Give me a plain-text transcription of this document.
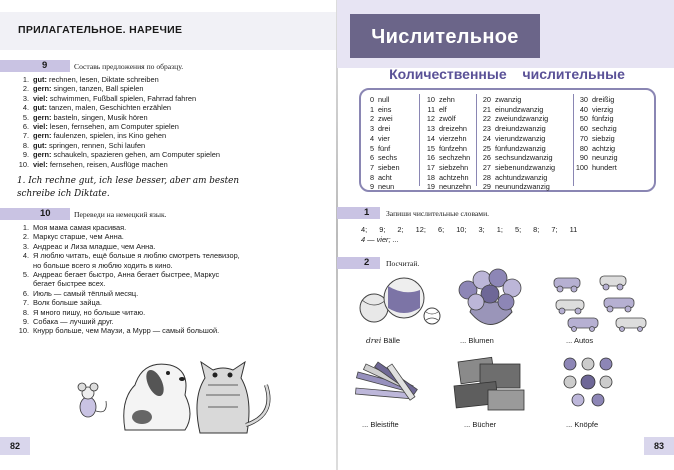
ПРИЛАГАТЕЛЬНОЕ. НАРЕЧИЕ
9	Составь предложения по образцу.
1. gut: rechnen, lesen, Diktate schreiben
2. gern: singen, tanzen, Ball spielen
3. viel: schwimmen, Fußball spielen, Fahrrad fahren
4. gut: tanzen, malen, Geschichten erzählen
5. gern: basteln, singen, Musik hören
6. viel: lesen, fernsehen, am Computer spielen
7. gern: faulenzen, spielen, ins Kino gehen
8. gut: springen, rennen, Schi laufen
9. gern: schaukeln, spazieren gehen, am Computer spielen
10. viel: fernsehen, reisen, Ausflüge machen
1. Ich rechne gut, ich lese besser, aber am besten
schreibe ich Diktate.
10	Переведи на немецкий язык.
1. Моя мама самая красивая.
2. Маркус старше, чем Анна.
3. Андреас и Лиза младше, чем Анна.
4. Я люблю читать, ещё больше я люблю смотреть телевизор,
но больше всего я люблю ходить в кино.
5. Андреас бегает быстро, Анна бегает быстрее, Маркус
бегает быстрее всех.
6. Июль — самый тёплый месяц.
7. Волк больше зайца.
8. Я много пишу, но больше читаю.
9. Собака — лучший друг.
10. Кнурр больше, чем Маузи, а Мурр — самый большой.
82
Числительное
Количественные числительные
0 null
1 eins
2 zwei
3 drei
4 vier
5 fünf
6 sechs
7 sieben
8 acht
9 neun
10 zehn
11 elf
12 zwölf
13 dreizehn
14 vierzehn
15 fünfzehn
16 sechzehn
17 siebzehn
18 achtzehn
19 neunzehn
20 zwanzig
21 einundzwanzig
22 zweiundzwanzig
23 dreiundzwanzig
24 vierundzwanzig
25 fünfundzwanzig
26 sechsundzwanzig
27 siebenundzwanzig
28 achtundzwanzig
29 neunundzwanzig
30 dreißig
40 vierzig
50 fünfzig
60 sechzig
70 siebzig
80 achtzig
90 neunzig
100 hundert
1 Запиши числительные словами.
4; 9; 2; 12; 6; 10; 3; 1; 5; 8; 7; 11
4 — vier; ...
2 Посчитай.
drei Bälle	... Blumen	... Autos
... Bleistifte	... Bücher	... Knöpfe
83
